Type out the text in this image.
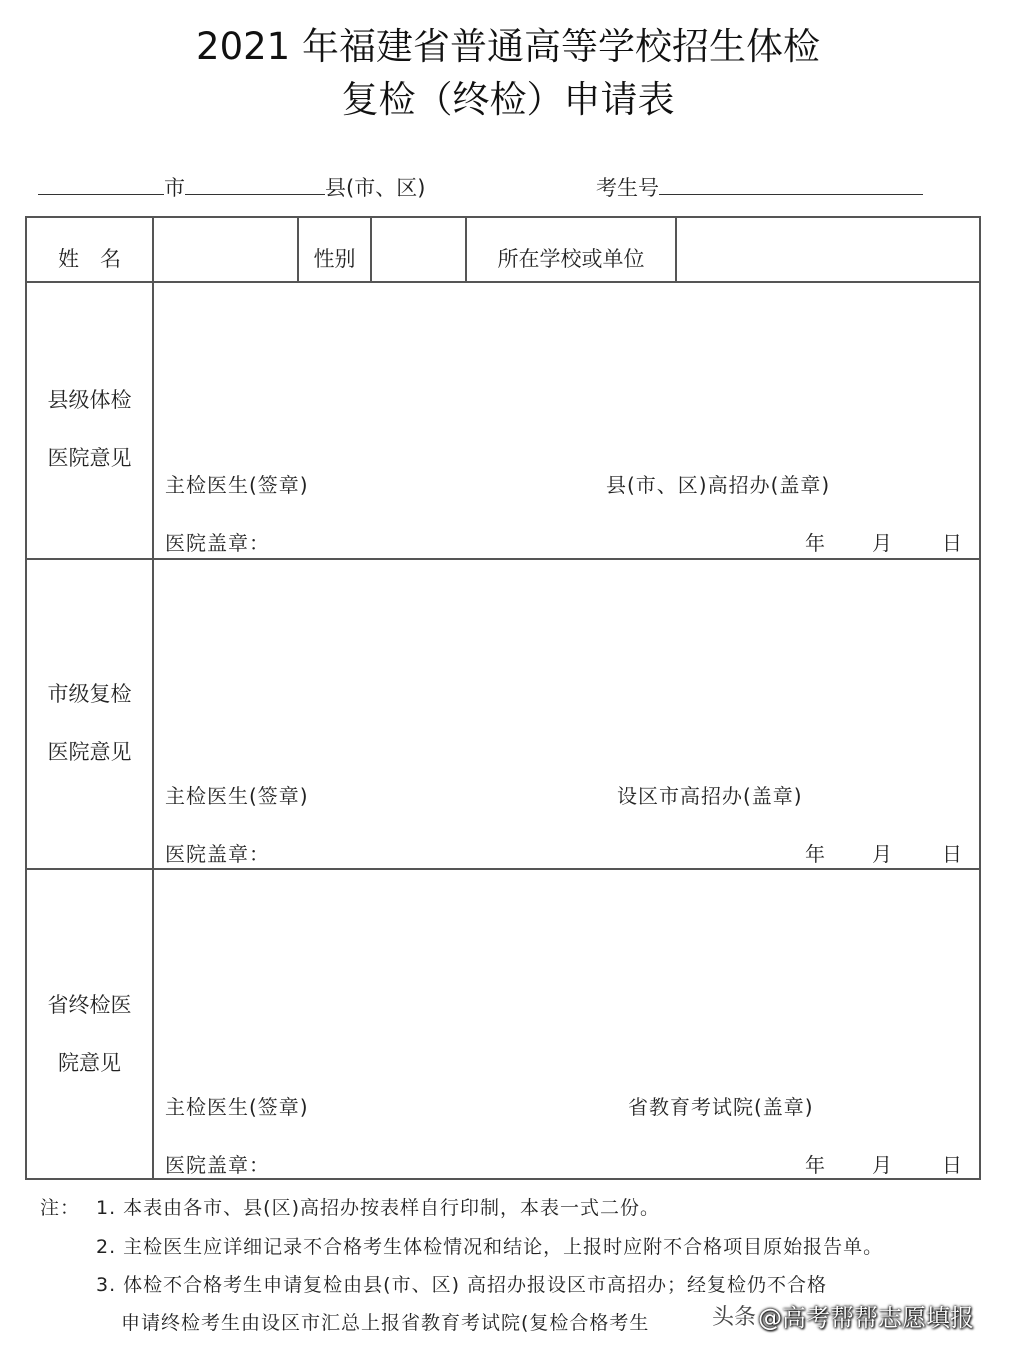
2021 年福建省普通高等学校招生体检
复检（终检）申请表
市	县(市、区)	考生号
姓　名	性别	所在学校或单位
县级体检
医院意见
主检医生(签章)	县(市、区)高招办(盖章)
医院盖章：	年 月 日
市级复检
医院意见
主检医生(签章)	设区市高招办(盖章)
医院盖章：	年 月 日
省终检医
院意见
主检医生(签章)	省教育考试院(盖章)
医院盖章：	年 月 日
注： 1. 本表由各市、县(区)高招办按表样自行印制，本表一式二份。
2. 主检医生应详细记录不合格考生体检情况和结论，上报时应附不合格项目原始报告单。
3. 体检不合格考生申请复检由县(市、区) 高招办报设区市高招办；经复检仍不合格
申请终检考生由设区市汇总上报省教育考试院(复检合格考生	头条 @高考帮帮志愿填报
